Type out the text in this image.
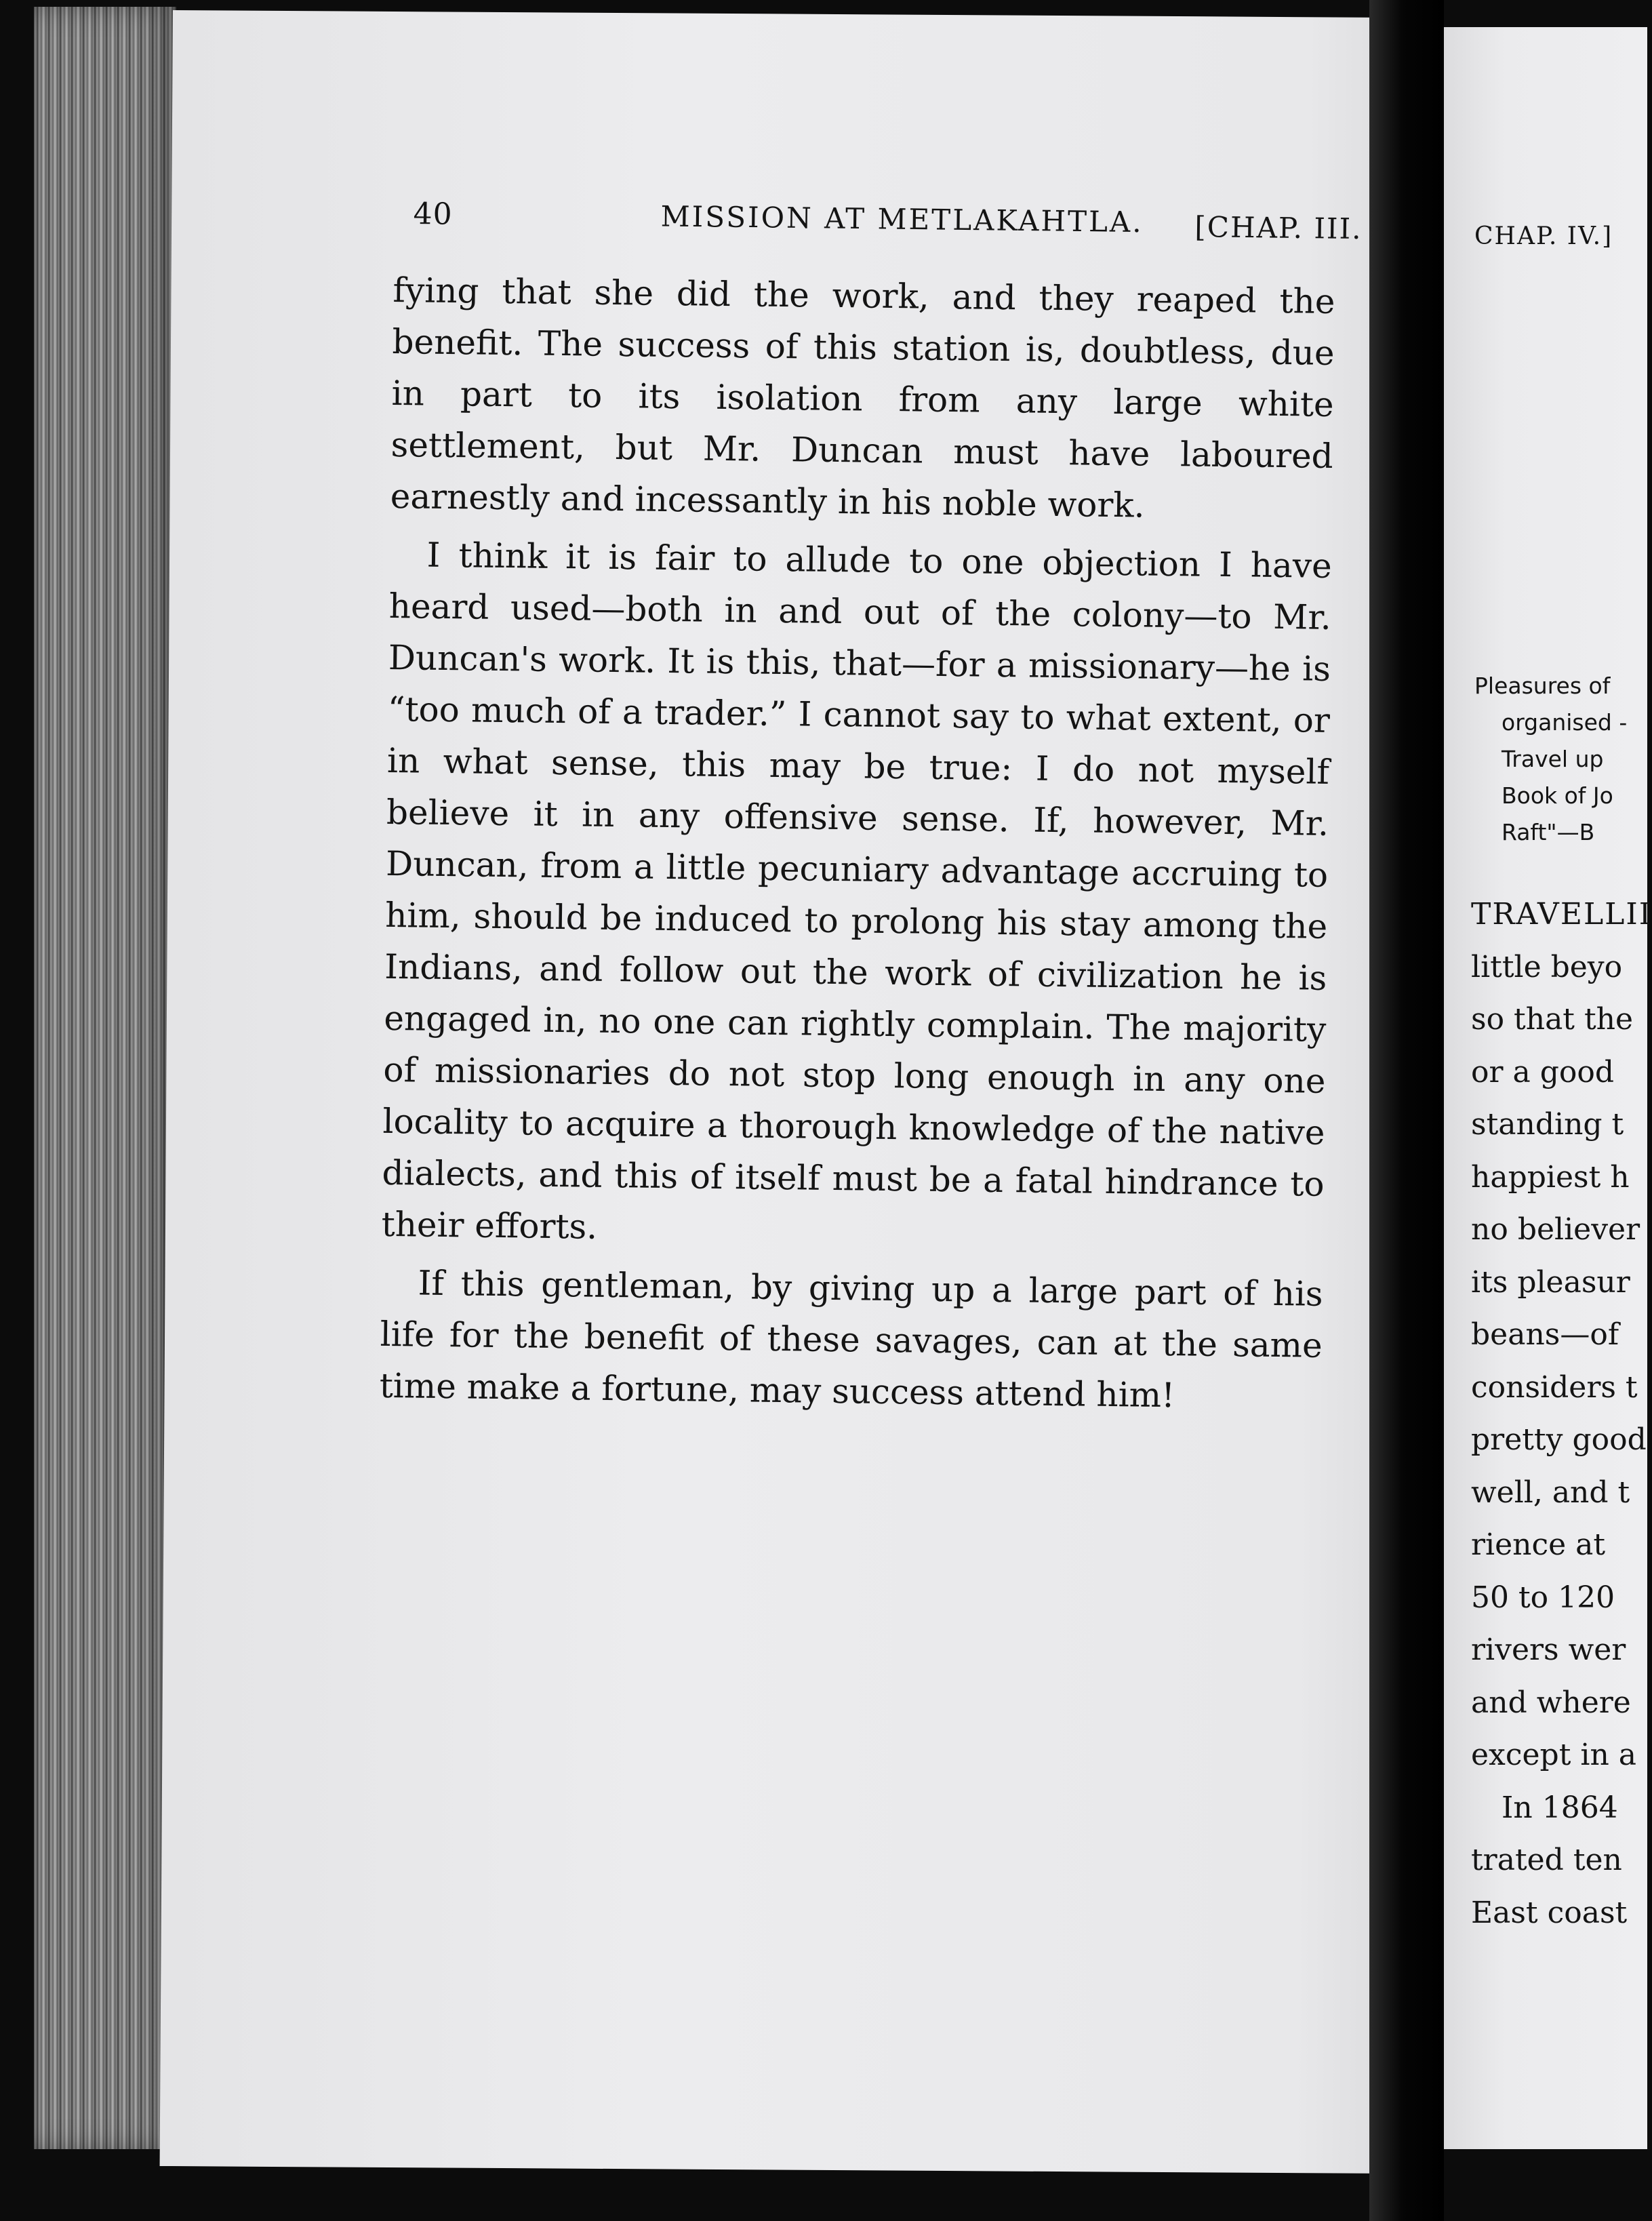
40	MISSION AT METLAKAHTLA. [CHAP. III.

fying that she did the work, and they reaped the benefit. The success of this station is, doubtless, due in part to its isolation from any large white settlement, but Mr. Duncan must have laboured earnestly and incessantly in his noble work.

I think it is fair to allude to one objection I have heard used—both in and out of the colony—to Mr. Duncan's work. It is this, that—for a missionary—he is “too much of a trader.” I cannot say to what extent, or in what sense, this may be true: I do not myself believe it in any offensive sense. If, however, Mr. Duncan, from a little pecuniary advantage accruing to him, should be induced to prolong his stay among the Indians, and follow out the work of civilization he is engaged in, no one can rightly complain. The majority of missionaries do not stop long enough in any one locality to acquire a thorough knowledge of the native dialects, and this of itself must be a fatal hindrance to their efforts.

If this gentleman, by giving up a large part of his life for the benefit of these savages, can at the same time make a fortune, may success attend him!

CHAP. IV.]
Pleasures of
organised -
Travel up
Book of Jo
Raft"—B
TRAVELLII
little beyo
so that the
or a good
standing t
happiest h
no believer
its pleasur
beans—of
considers t
pretty good
well, and t
rience at
50 to 120
rivers wer
and where
except in a
In 1864
trated ten
East coast
